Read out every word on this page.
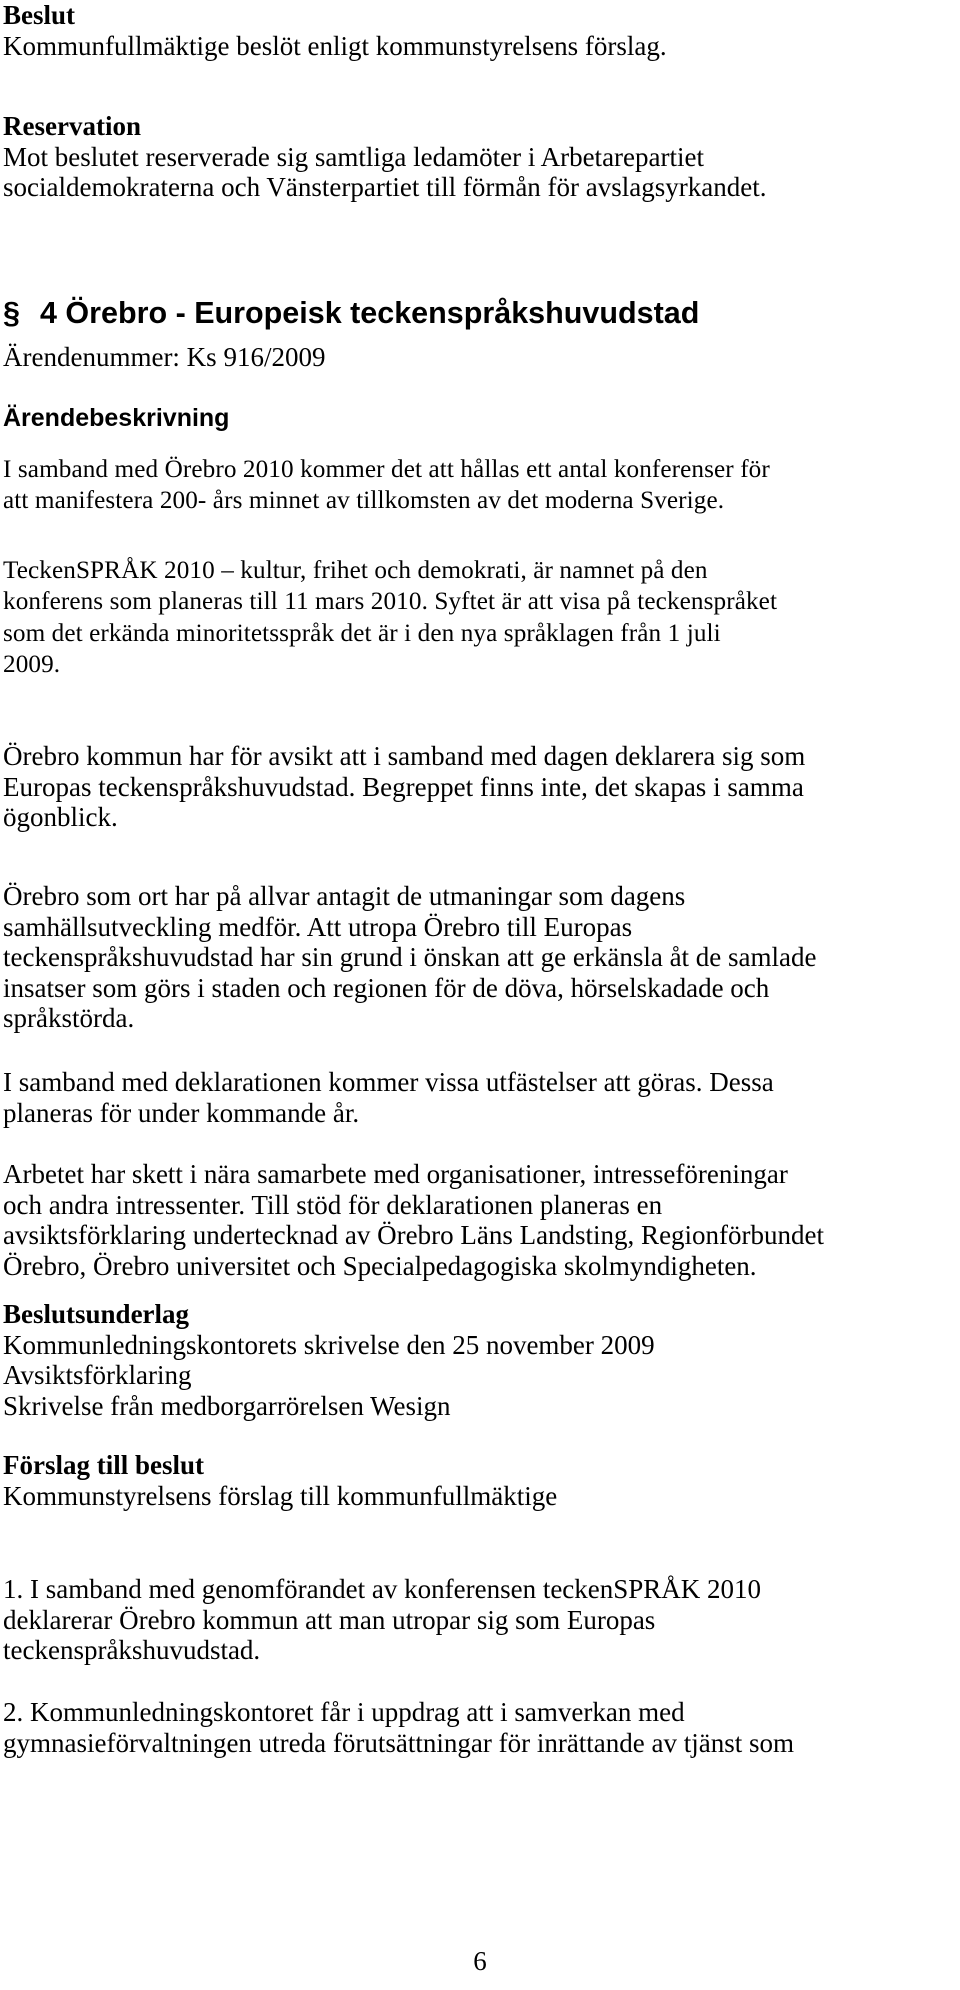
Beslut

Kommunfullmäktige beslöt enligt kommunstyrelsens förslag.

Reservation

Mot beslutet reserverade sig samtliga ledamöter i Arbetarepartiet

socialdemokraterna och Vänsterpartiet till förmån för avslagsyrkandet.

§ 4 Örebro - Europeisk teckenspråkshuvudstad

Ärendenummer: Ks 916/2009

Ärendebeskrivning

I samband med Örebro 2010 kommer det att hållas ett antal konferenser för

att manifestera 200- års minnet av tillkomsten av det moderna Sverige.

TeckenSPRÅK 2010 – kultur, frihet och demokrati, är namnet på den

konferens som planeras till 11 mars 2010. Syftet är att visa på teckenspråket

som det erkända minoritetsspråk det är i den nya språklagen från 1 juli

2009.

Örebro kommun har för avsikt att i samband med dagen deklarera sig som

Europas teckenspråkshuvudstad. Begreppet finns inte, det skapas i samma

ögonblick.

Örebro som ort har på allvar antagit de utmaningar som dagens

samhällsutveckling medför. Att utropa Örebro till Europas

teckenspråkshuvudstad har sin grund i önskan att ge erkänsla åt de samlade

insatser som görs i staden och regionen för de döva, hörselskadade och

språkstörda.

I samband med deklarationen kommer vissa utfästelser att göras. Dessa

planeras för under kommande år.

Arbetet har skett i nära samarbete med organisationer, intresseföreningar

och andra intressenter. Till stöd för deklarationen planeras en

avsiktsförklaring undertecknad av Örebro Läns Landsting, Regionförbundet

Örebro, Örebro universitet och Specialpedagogiska skolmyndigheten.

Beslutsunderlag

Kommunledningskontorets skrivelse den 25 november 2009

Avsiktsförklaring

Skrivelse från medborgarrörelsen Wesign

Förslag till beslut

Kommunstyrelsens förslag till kommunfullmäktige

1. I samband med genomförandet av konferensen teckenSPRÅK 2010

deklarerar Örebro kommun att man utropar sig som Europas

teckenspråkshuvudstad.

2. Kommunledningskontoret får i uppdrag att i samverkan med

gymnasieförvaltningen utreda förutsättningar för inrättande av tjänst som

6
